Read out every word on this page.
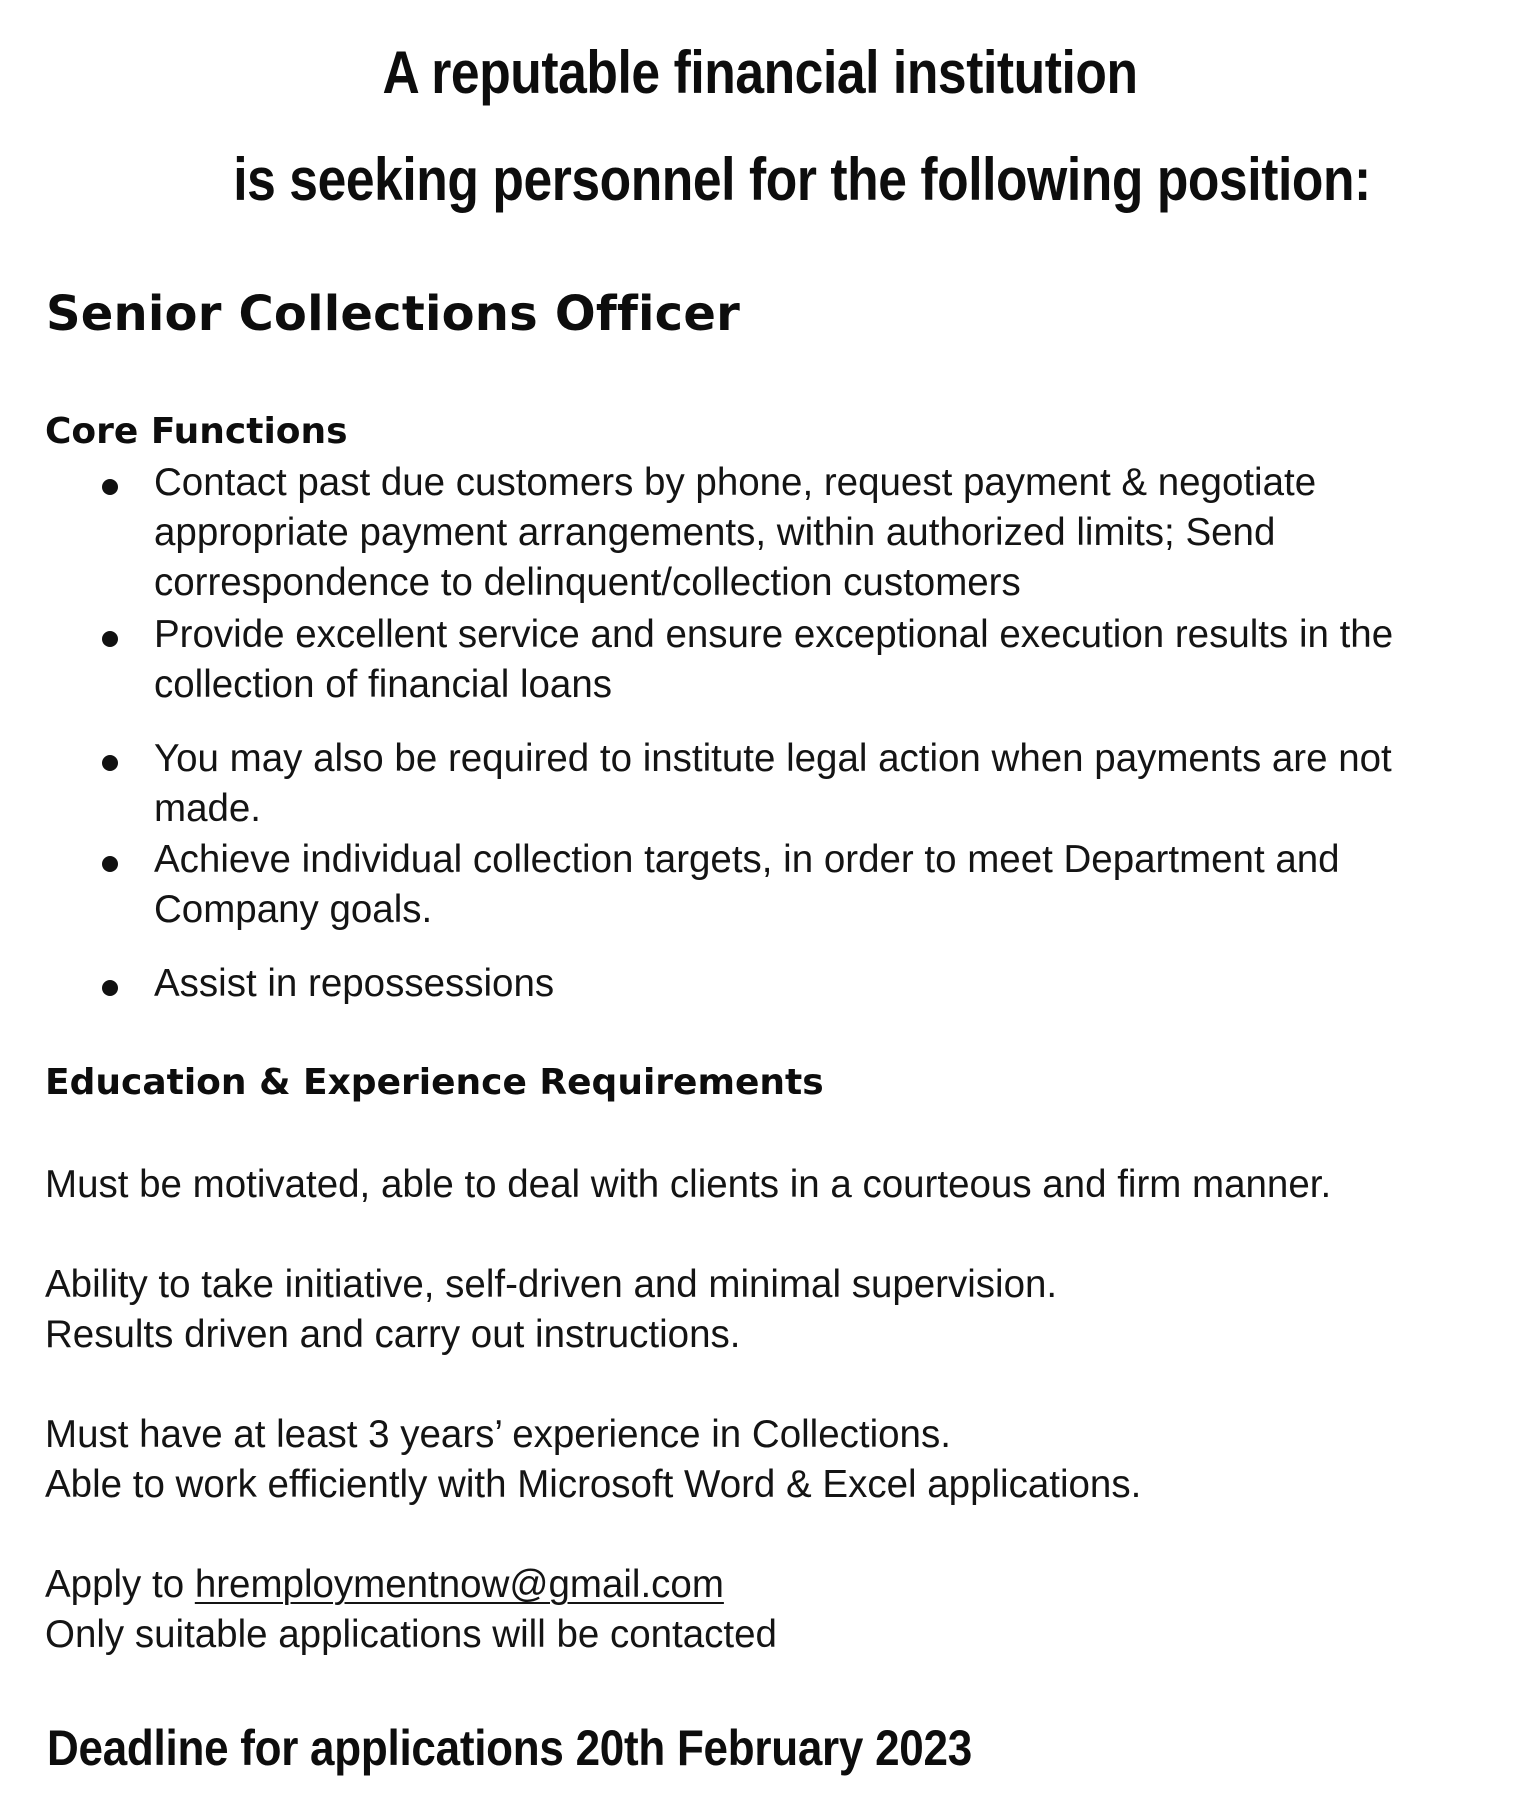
A reputable financial institution
is seeking personnel for the following position:
Senior Collections Officer
Core Functions
Contact past due customers by phone, request payment & negotiate appropriate payment arrangements, within authorized limits; Send correspondence to delinquent/collection customers
Provide excellent service and ensure exceptional execution results in the collection of financial loans
You may also be required to institute legal action when payments are not made.
Achieve individual collection targets, in order to meet Department and Company goals.
Assist in repossessions
Education & Experience Requirements

Must be motivated, able to deal with clients in a courteous and firm manner.

Ability to take initiative, self-driven and minimal supervision.

Results driven and carry out instructions.

Must have at least 3 years’ experience in Collections.

Able to work efficiently with Microsoft Word & Excel applications.

Apply to hremploymentnow@gmail.com

Only suitable applications will be contacted

Deadline for applications 20th February 2023
